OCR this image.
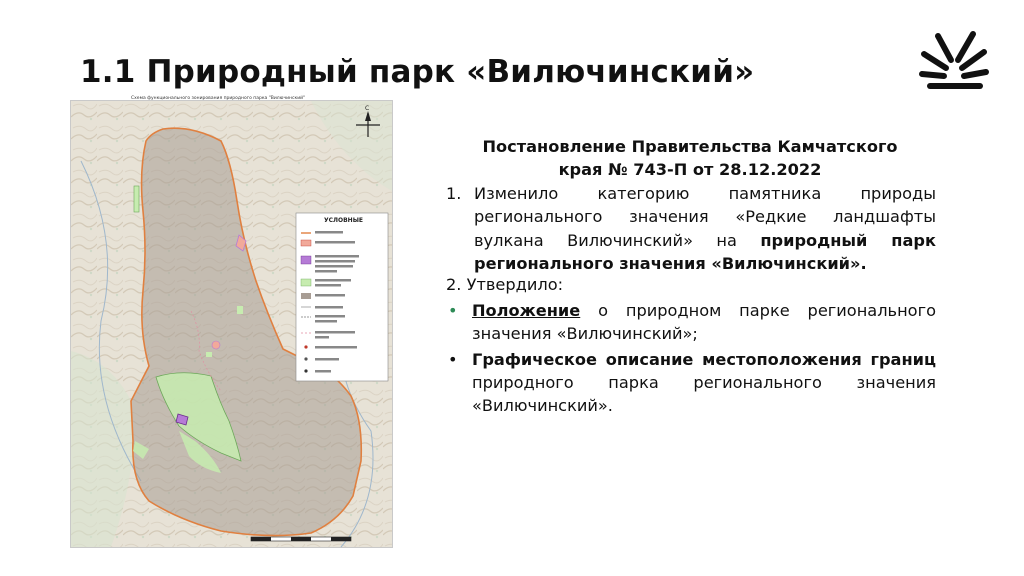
1.1 Природный парк «Вилючинский»
Схема функционального зонирования природного парка "Вилючинский"
С
УСЛОВНЫЕ
Постановление Правительства Камчатского края № 743-П от 28.12.2022
1. Изменило категорию памятника природы регионального значения «Редкие ландшафты вулкана Вилючинский» на природный парк регионального значения «Вилючинский».
2. Утвердило:
• Положение о природном парке регионального значения «Вилючинский»;
• Графическое описание местоположения границ природного парка регионального значения «Вилючинский».
